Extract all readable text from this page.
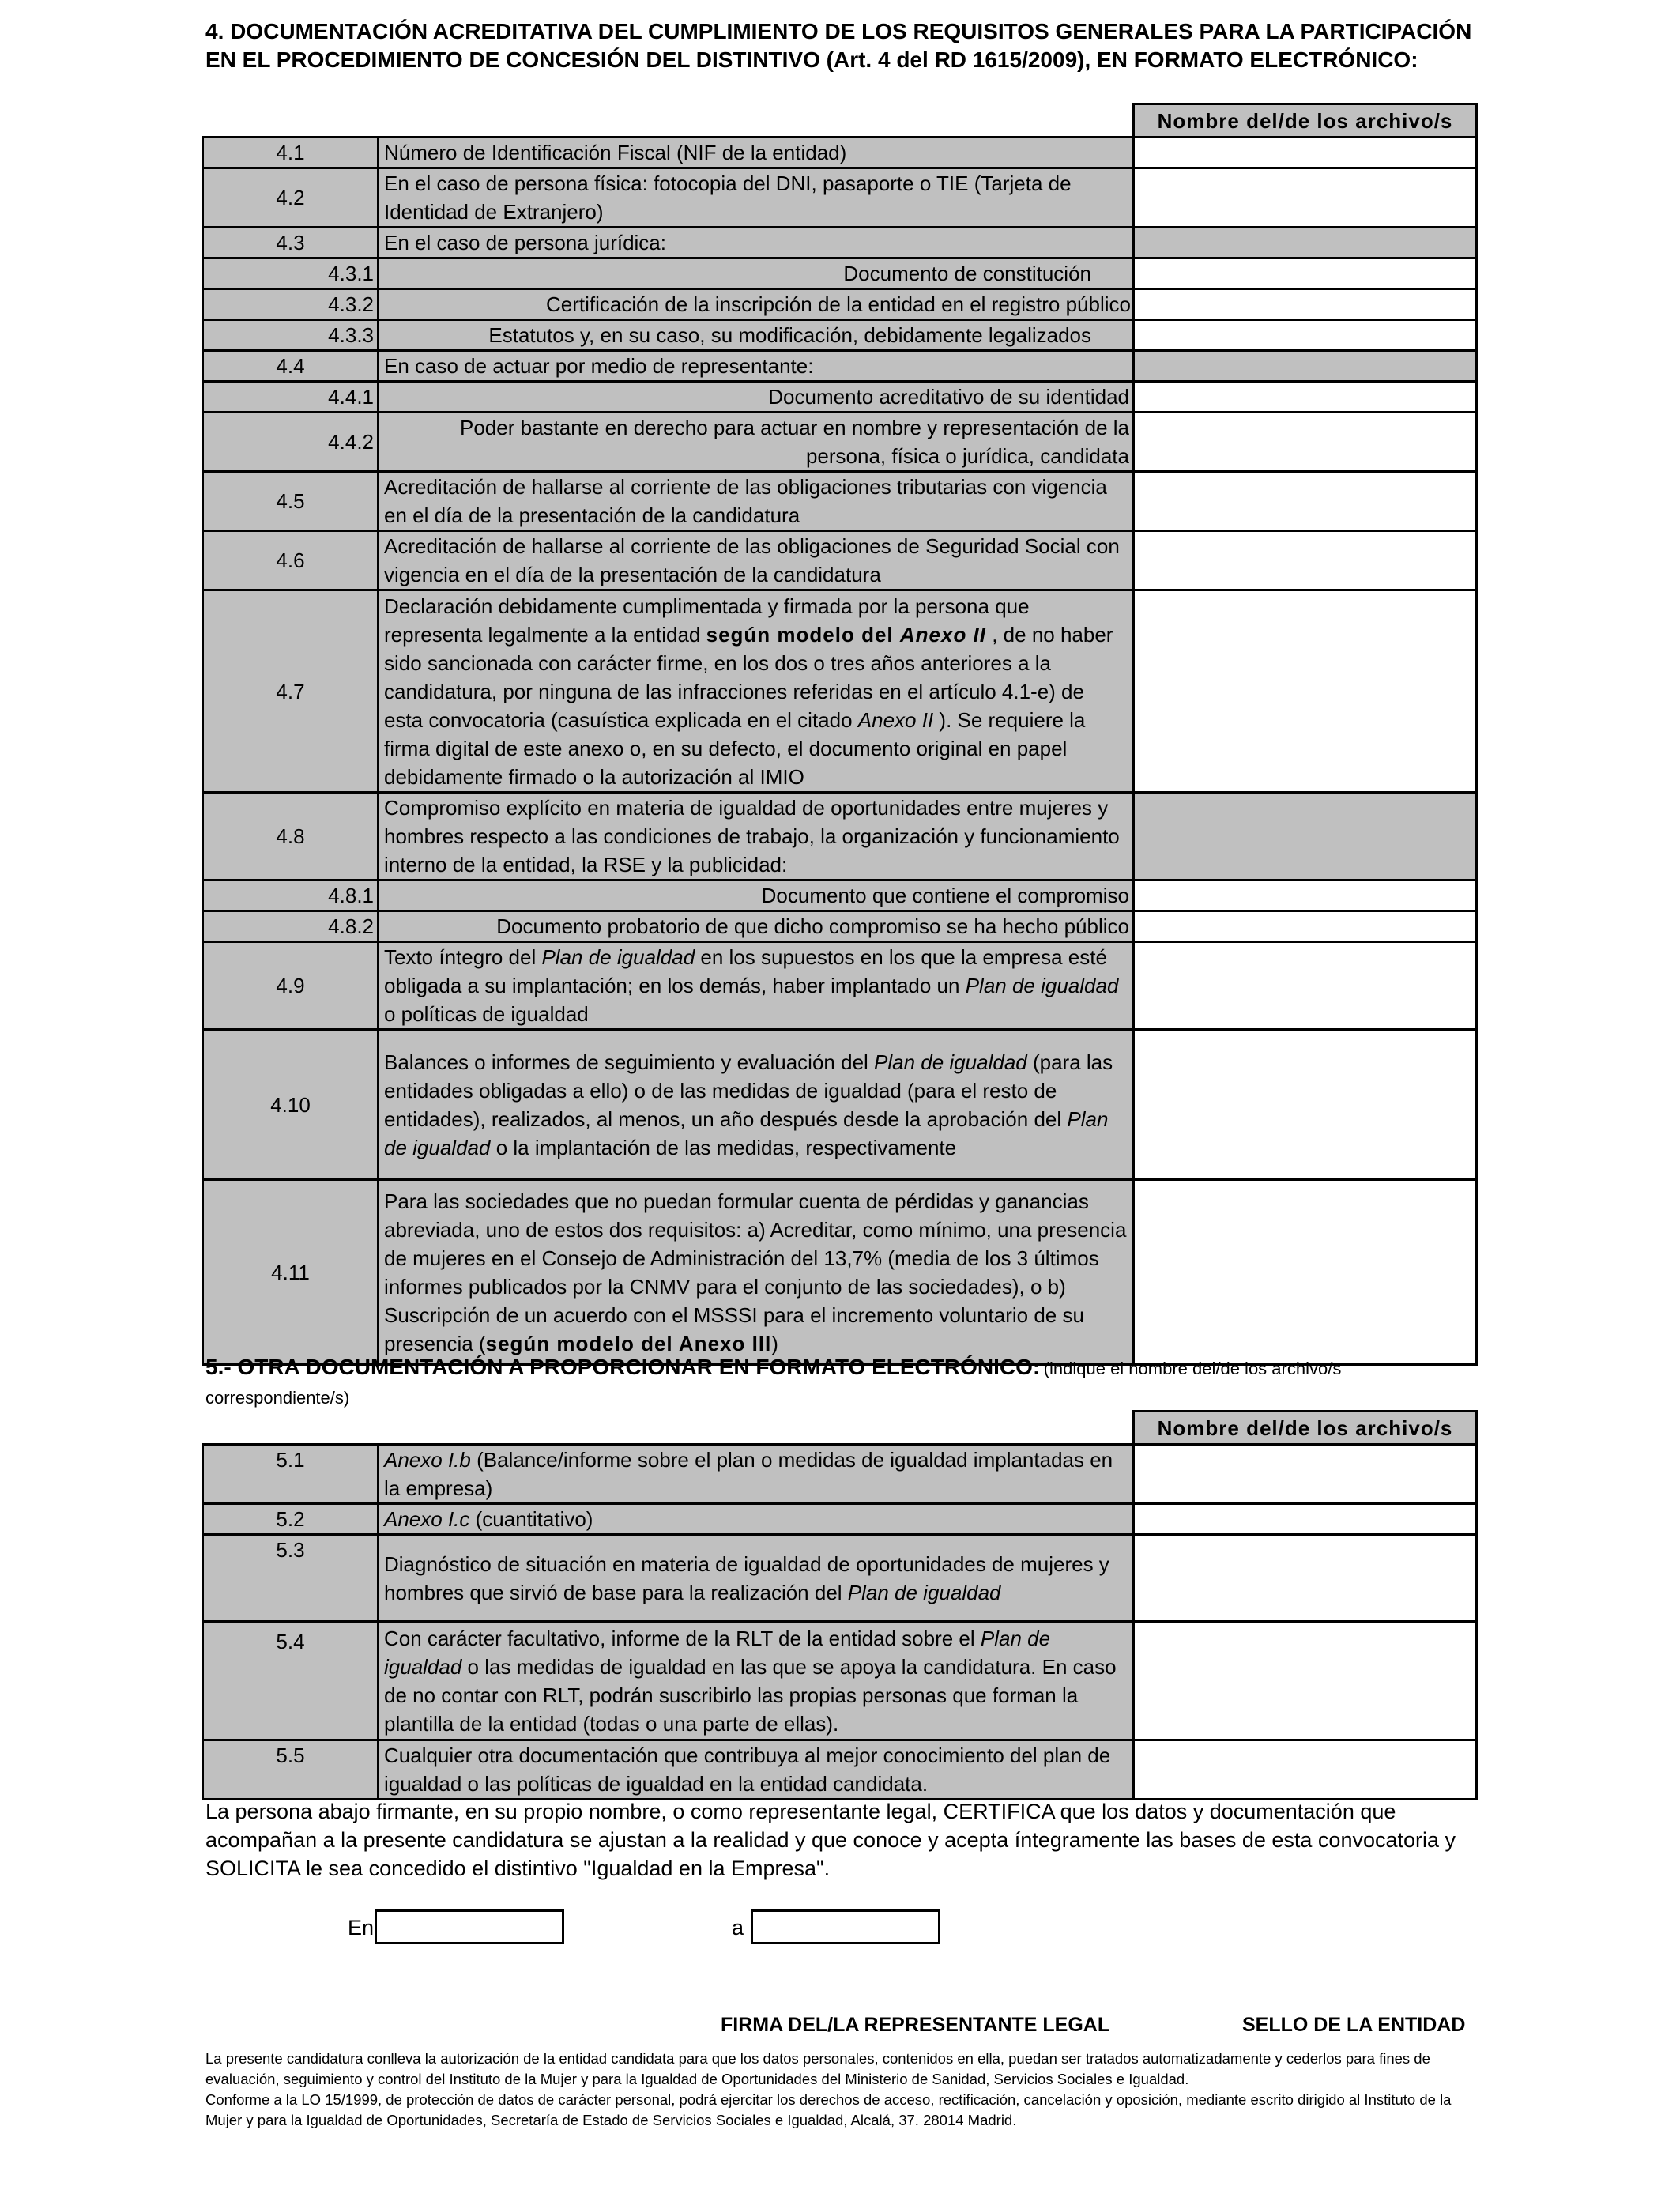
4. DOCUMENTACIÓN ACREDITATIVA DEL CUMPLIMIENTO DE LOS REQUISITOS GENERALES PARA LA PARTICIPACIÓN EN EL PROCEDIMIENTO DE CONCESIÓN DEL DISTINTIVO (Art. 4 del RD 1615/2009), EN FORMATO ELECTRÓNICO:
		Nombre del/de los archivo/s
4.1	Número de Identificación Fiscal (NIF de la entidad)	
4.2	En el caso de persona física: fotocopia del DNI, pasaporte o TIE (Tarjeta de Identidad de Extranjero)	
4.3	En el caso de persona jurídica:	
4.3.1	Documento de constitución	
4.3.2	Certificación de la inscripción de la entidad en el registro público	
4.3.3	Estatutos y, en su caso, su modificación, debidamente legalizados	
4.4	En caso de actuar por medio de representante:	
4.4.1	Documento acreditativo de su identidad	
4.4.2	Poder bastante en derecho para actuar en nombre y representación de la persona, física o jurídica, candidata	
4.5	Acreditación de hallarse al corriente de las obligaciones tributarias con vigencia en el día de la presentación de la candidatura	
4.6	Acreditación de hallarse al corriente de las obligaciones de Seguridad Social con vigencia en el día de la presentación de la candidatura	
4.7	Declaración debidamente cumplimentada y firmada por la persona que representa legalmente a la entidad según modelo del Anexo II , de no haber sido sancionada con carácter firme, en los dos o tres años anteriores a la candidatura, por ninguna de las infracciones referidas en el artículo 4.1-e) de esta convocatoria (casuística explicada en el citado Anexo II ). Se requiere la firma digital de este anexo o, en su defecto, el documento original en papel debidamente firmado o la autorización al IMIO	
4.8	Compromiso explícito en materia de igualdad de oportunidades entre mujeres y hombres respecto a las condiciones de trabajo, la organización y funcionamiento interno de la entidad, la RSE y la publicidad:	
4.8.1	Documento que contiene el compromiso	
4.8.2	Documento probatorio de que dicho compromiso se ha hecho público	
4.9	Texto íntegro del Plan de igualdad en los supuestos en los que la empresa esté obligada a su implantación; en los demás, haber implantado un Plan de igualdad o políticas de igualdad	
4.10	Balances o informes de seguimiento y evaluación del Plan de igualdad (para las entidades obligadas a ello) o de las medidas de igualdad (para el resto de entidades), realizados, al menos, un año después desde la aprobación del Plan de igualdad o la implantación de las medidas, respectivamente	
4.11	Para las sociedades que no puedan formular cuenta de pérdidas y ganancias abreviada, uno de estos dos requisitos: a) Acreditar, como mínimo, una presencia de mujeres en el Consejo de Administración del 13,7% (media de los 3 últimos informes publicados por la CNMV para el conjunto de las sociedades), o b) Suscripción de un acuerdo con el MSSSI para el incremento voluntario de su presencia (según modelo del Anexo III)	
5.- OTRA DOCUMENTACIÓN A PROPORCIONAR EN FORMATO ELECTRÓNICO: (indique el nombre del/de los archivo/s correspondiente/s)
		Nombre del/de los archivo/s
5.1	Anexo I.b (Balance/informe sobre el plan o medidas de igualdad implantadas en la empresa)	
5.2	Anexo I.c (cuantitativo)	
5.3	Diagnóstico de situación en materia de igualdad de oportunidades de mujeres y hombres que sirvió de base para la realización del Plan de igualdad	
5.4	Con carácter facultativo, informe de la RLT de la entidad sobre el Plan de igualdad o las medidas de igualdad en las que se apoya la candidatura. En caso de no contar con RLT, podrán suscribirlo las propias personas que forman la plantilla de la entidad (todas o una parte de ellas).	
5.5	Cualquier otra documentación que contribuya al mejor conocimiento del plan de igualdad o las políticas de igualdad en la entidad candidata.	
La persona abajo firmante, en su propio nombre, o como representante legal, CERTIFICA que los datos y documentación que acompañan a la presente candidatura se ajustan a la realidad y que conoce y acepta íntegramente las bases de esta convocatoria y SOLICITA le sea concedido el distintivo "Igualdad en la Empresa".
En	a
FIRMA DEL/LA REPRESENTANTE LEGAL	SELLO DE LA ENTIDAD
La presente candidatura conlleva la autorización de la entidad candidata para que los datos personales, contenidos en ella, puedan ser tratados automatizadamente y cederlos para fines de evaluación, seguimiento y control del Instituto de la Mujer y para la Igualdad de Oportunidades del Ministerio de Sanidad, Servicios Sociales e Igualdad.
Conforme a la LO 15/1999, de protección de datos de carácter personal, podrá ejercitar los derechos de acceso, rectificación, cancelación y oposición, mediante escrito dirigido al Instituto de la Mujer y para la Igualdad de Oportunidades, Secretaría de Estado de Servicios Sociales e Igualdad, Alcalá, 37. 28014 Madrid.
